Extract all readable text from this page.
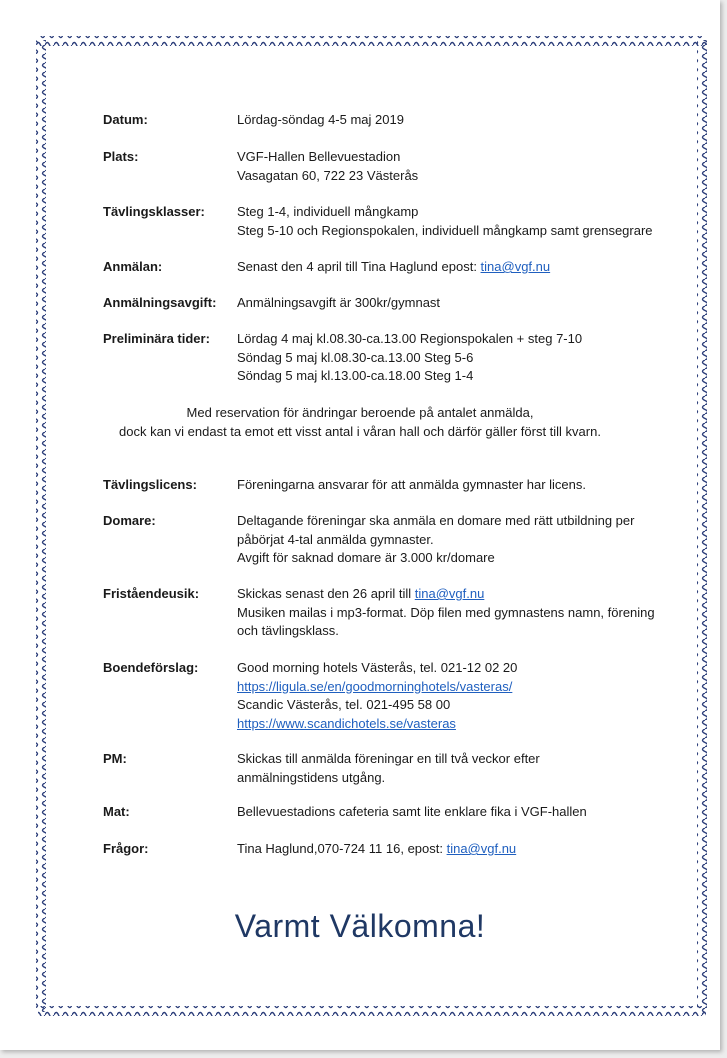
Datum:	Lördag-söndag 4-5 maj 2019
Plats:	VGF-Hallen Bellevuestadion
Vasagatan 60, 722 23 Västerås
Tävlingsklasser: Steg 1-4, individuell mångkamp
Steg 5-10 och Regionspokalen, individuell mångkamp samt grensegrare
Anmälan:	Senast den 4 april till Tina Haglund epost: tina@vgf.nu
Anmälningsavgift: Anmälningsavgift är 300kr/gymnast
Preliminära tider: Lördag 4 maj kl.08.30-ca.13.00 Regionspokalen + steg 7-10
Söndag 5 maj kl.08.30-ca.13.00 Steg 5-6
Söndag 5 maj kl.13.00-ca.18.00 Steg 1-4
Med reservation för ändringar beroende på antalet anmälda,
dock kan vi endast ta emot ett visst antal i våran hall och därför gäller först till kvarn.
Tävlingslicens:	Föreningarna ansvarar för att anmälda gymnaster har licens.
Domare:	Deltagande föreningar ska anmäla en domare med rätt utbildning per
påbörjat 4-tal anmälda gymnaster.
Avgift för saknad domare är 3.000 kr/domare
Friståendeusik:	Skickas senast den 26 april till tina@vgf.nu
Musiken mailas i mp3-format. Döp filen med gymnastens namn, förening
och tävlingsklass.
Boendeförslag:	Good morning hotels Västerås, tel. 021-12 02 20
https://ligula.se/en/goodmorninghotels/vasteras/
Scandic Västerås, tel. 021-495 58 00
https://www.scandichotels.se/vasteras
PM:	Skickas till anmälda föreningar en till två veckor efter
anmälningstidens utgång.
Mat:	Bellevuestadions cafeteria samt lite enklare fika i VGF-hallen
Frågor:	Tina Haglund,070-724 11 16, epost: tina@vgf.nu
Varmt Välkomna!
